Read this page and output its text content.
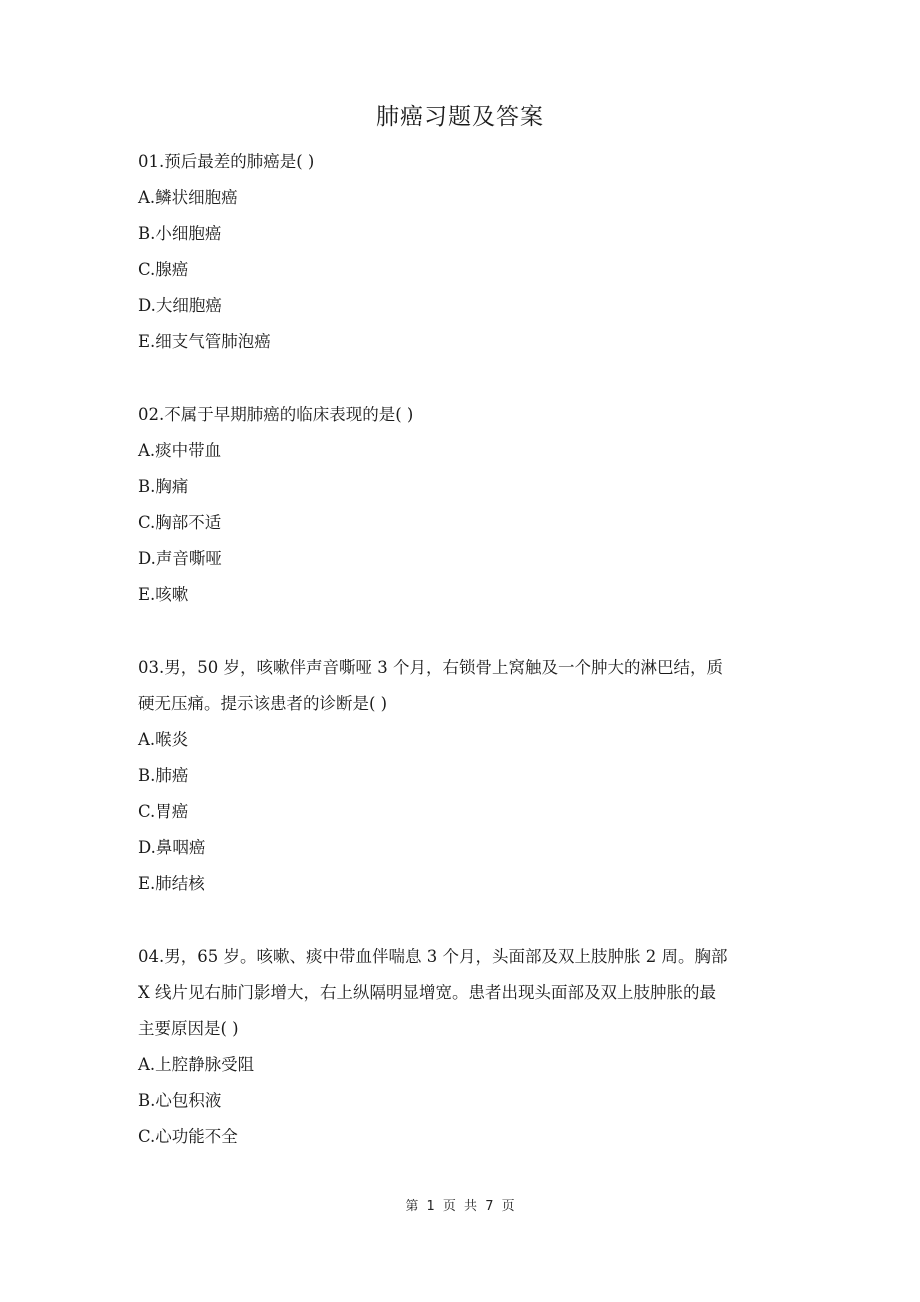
肺癌习题及答案
01.预后最差的肺癌是( )
A.鳞状细胞癌
B.小细胞癌
C.腺癌
D.大细胞癌
E.细支气管肺泡癌
02.不属于早期肺癌的临床表现的是( )
A.痰中带血
B.胸痛
C.胸部不适
D.声音嘶哑
E.咳嗽
03.男，50 岁，咳嗽伴声音嘶哑 3 个月，右锁骨上窝触及一个肿大的淋巴结，质
硬无压痛。提示该患者的诊断是( )
A.喉炎
B.肺癌
C.胃癌
D.鼻咽癌
E.肺结核
04.男，65 岁。咳嗽、痰中带血伴喘息 3 个月，头面部及双上肢肿胀 2 周。胸部
X 线片见右肺门影增大，右上纵隔明显增宽。患者出现头面部及双上肢肿胀的最
主要原因是( )
A.上腔静脉受阻
B.心包积液
C.心功能不全
第 1 页 共 7 页
